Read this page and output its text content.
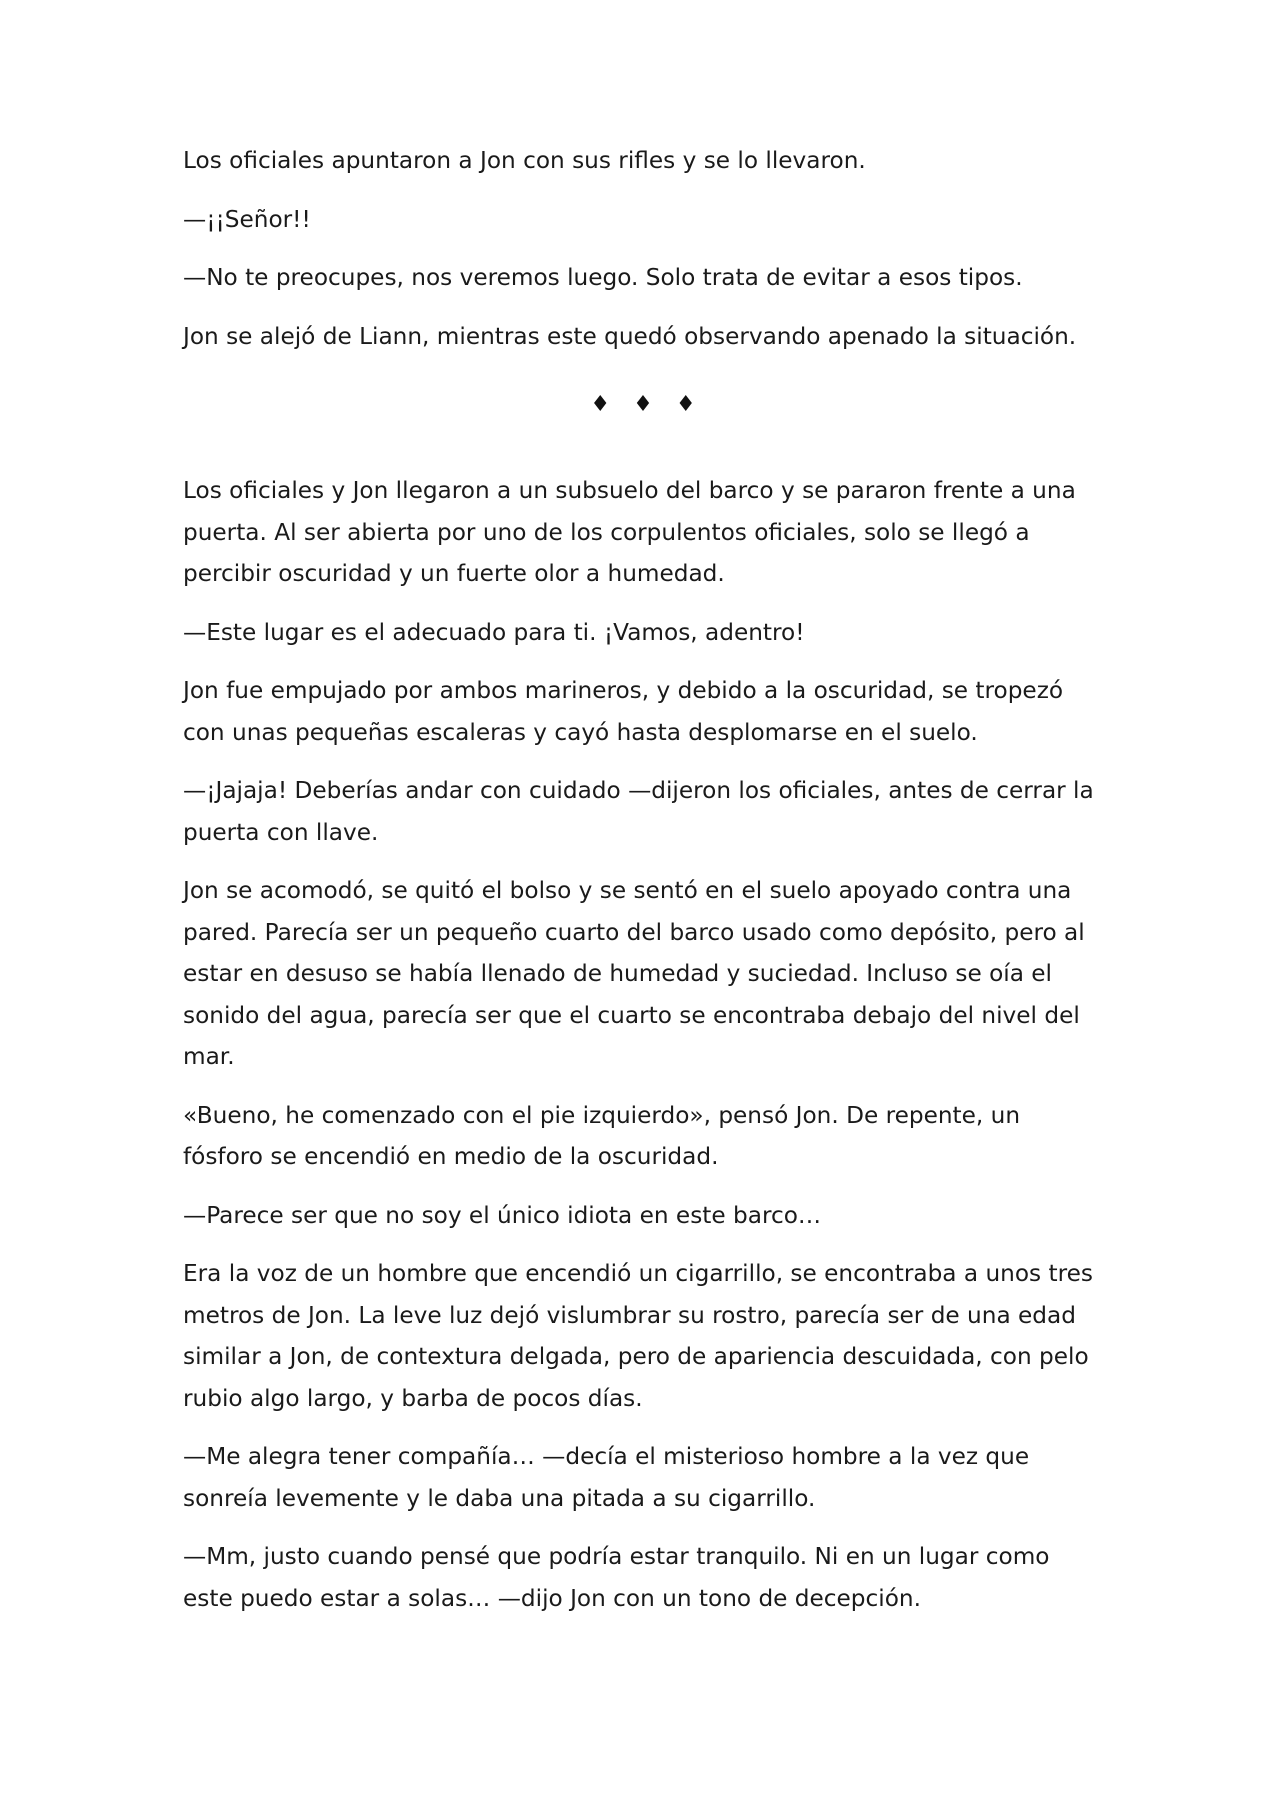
Los oficiales apuntaron a Jon con sus rifles y se lo llevaron.

—¡¡Señor!!

—No te preocupes, nos veremos luego. Solo trata de evitar a esos tipos.

Jon se alejó de Liann, mientras este quedó observando apenado la situación.

♦ ♦ ♦

Los oficiales y Jon llegaron a un subsuelo del barco y se pararon frente a una puerta. Al ser abierta por uno de los corpulentos oficiales, solo se llegó a percibir oscuridad y un fuerte olor a humedad.

—Este lugar es el adecuado para ti. ¡Vamos, adentro!

Jon fue empujado por ambos marineros, y debido a la oscuridad, se tropezó con unas pequeñas escaleras y cayó hasta desplomarse en el suelo.

—¡Jajaja! Deberías andar con cuidado —dijeron los oficiales, antes de cerrar la puerta con llave.

Jon se acomodó, se quitó el bolso y se sentó en el suelo apoyado contra una pared. Parecía ser un pequeño cuarto del barco usado como depósito, pero al estar en desuso se había llenado de humedad y suciedad. Incluso se oía el sonido del agua, parecía ser que el cuarto se encontraba debajo del nivel del mar.

«Bueno, he comenzado con el pie izquierdo», pensó Jon. De repente, un fósforo se encendió en medio de la oscuridad.

—Parece ser que no soy el único idiota en este barco…

Era la voz de un hombre que encendió un cigarrillo, se encontraba a unos tres metros de Jon. La leve luz dejó vislumbrar su rostro, parecía ser de una edad similar a Jon, de contextura delgada, pero de apariencia descuidada, con pelo rubio algo largo, y barba de pocos días.

—Me alegra tener compañía… —decía el misterioso hombre a la vez que sonreía levemente y le daba una pitada a su cigarrillo.

—Mm, justo cuando pensé que podría estar tranquilo. Ni en un lugar como este puedo estar a solas… —dijo Jon con un tono de decepción.
